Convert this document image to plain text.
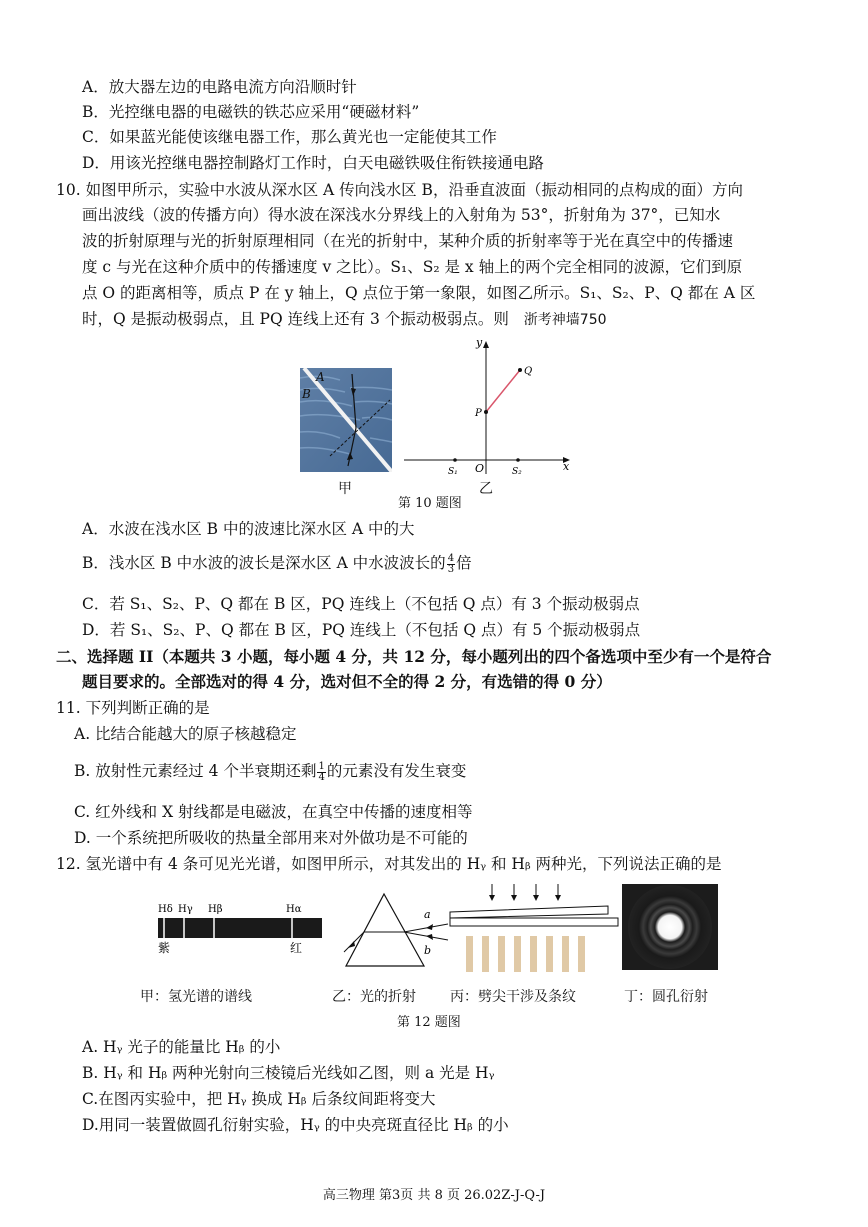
A．放大器左边的电路电流方向沿顺时针
B．光控继电器的电磁铁的铁芯应采用“硬磁材料”
C．如果蓝光能使该继电器工作，那么黄光也一定能使其工作
D．用该光控继电器控制路灯工作时，白天电磁铁吸住衔铁接通电路
10. 如图甲所示，实验中水波从深水区 A 传向浅水区 B，沿垂直波面（振动相同的点构成的面）方向
画出波线（波的传播方向）得水波在深浅水分界线上的入射角为 53°，折射角为 37°，已知水
波的折射原理与光的折射原理相同（在光的折射中，某种介质的折射率等于光在真空中的传播速
度 c 与光在这种介质中的传播速度 v 之比）。S₁、S₂ 是 x 轴上的两个完全相同的波源，它们到原
点 O 的距离相等，质点 P 在 y 轴上，Q 点位于第一象限，如图乙所示。S₁、S₂、P、Q 都在 A 区
时，Q 是振动极弱点，且 PQ 连线上还有 3 个振动极弱点。则 浙考神墙750
A
B
甲
y
x
O
P
Q
S₁	S₂
乙
第 10 题图
A．水波在浅水区 B 中的波速比深水区 A 中的大
B．浅水区 B 中水波的波长是深水区 A 中水波波长的 $\frac{4}{3}$ 倍
C．若 S₁、S₂、P、Q 都在 B 区，PQ 连线上（不包括 Q 点）有 3 个振动极弱点
D．若 S₁、S₂、P、Q 都在 B 区，PQ 连线上（不包括 Q 点）有 5 个振动极弱点
二、选择题 II（本题共 3 小题，每小题 4 分，共 12 分，每小题列出的四个备选项中至少有一个是符合
题目要求的。全部选对的得 4 分，选对但不全的得 2 分，有选错的得 0 分）
11. 下列判断正确的是
A. 比结合能越大的原子核越稳定
B. 放射性元素经过 4 个半衰期还剩 $\frac{1}{4}$ 的元素没有发生衰变
C. 红外线和 X 射线都是电磁波，在真空中传播的速度相等
D. 一个系统把所吸收的热量全部用来对外做功是不可能的
12. 氢光谱中有 4 条可见光光谱，如图甲所示，对其发出的 Hᵧ 和 Hᵦ 两种光，下列说法正确的是
Hδ Hγ Hβ	Hα
紫	红
a
b
甲：氢光谱的谱线	乙：光的折射 丙：劈尖干涉及条纹	丁：圆孔衍射
第 12 题图
A. Hᵧ 光子的能量比 Hᵦ 的小
B. Hᵧ 和 Hᵦ 两种光射向三棱镜后光线如乙图，则 a 光是 Hᵧ
C.在图丙实验中，把 Hᵧ 换成 Hᵦ 后条纹间距将变大
D.用同一装置做圆孔衍射实验，Hᵧ 的中央亮斑直径比 Hᵦ 的小
高三物理 第3页 共 8 页 26.02Z-J-Q-J
